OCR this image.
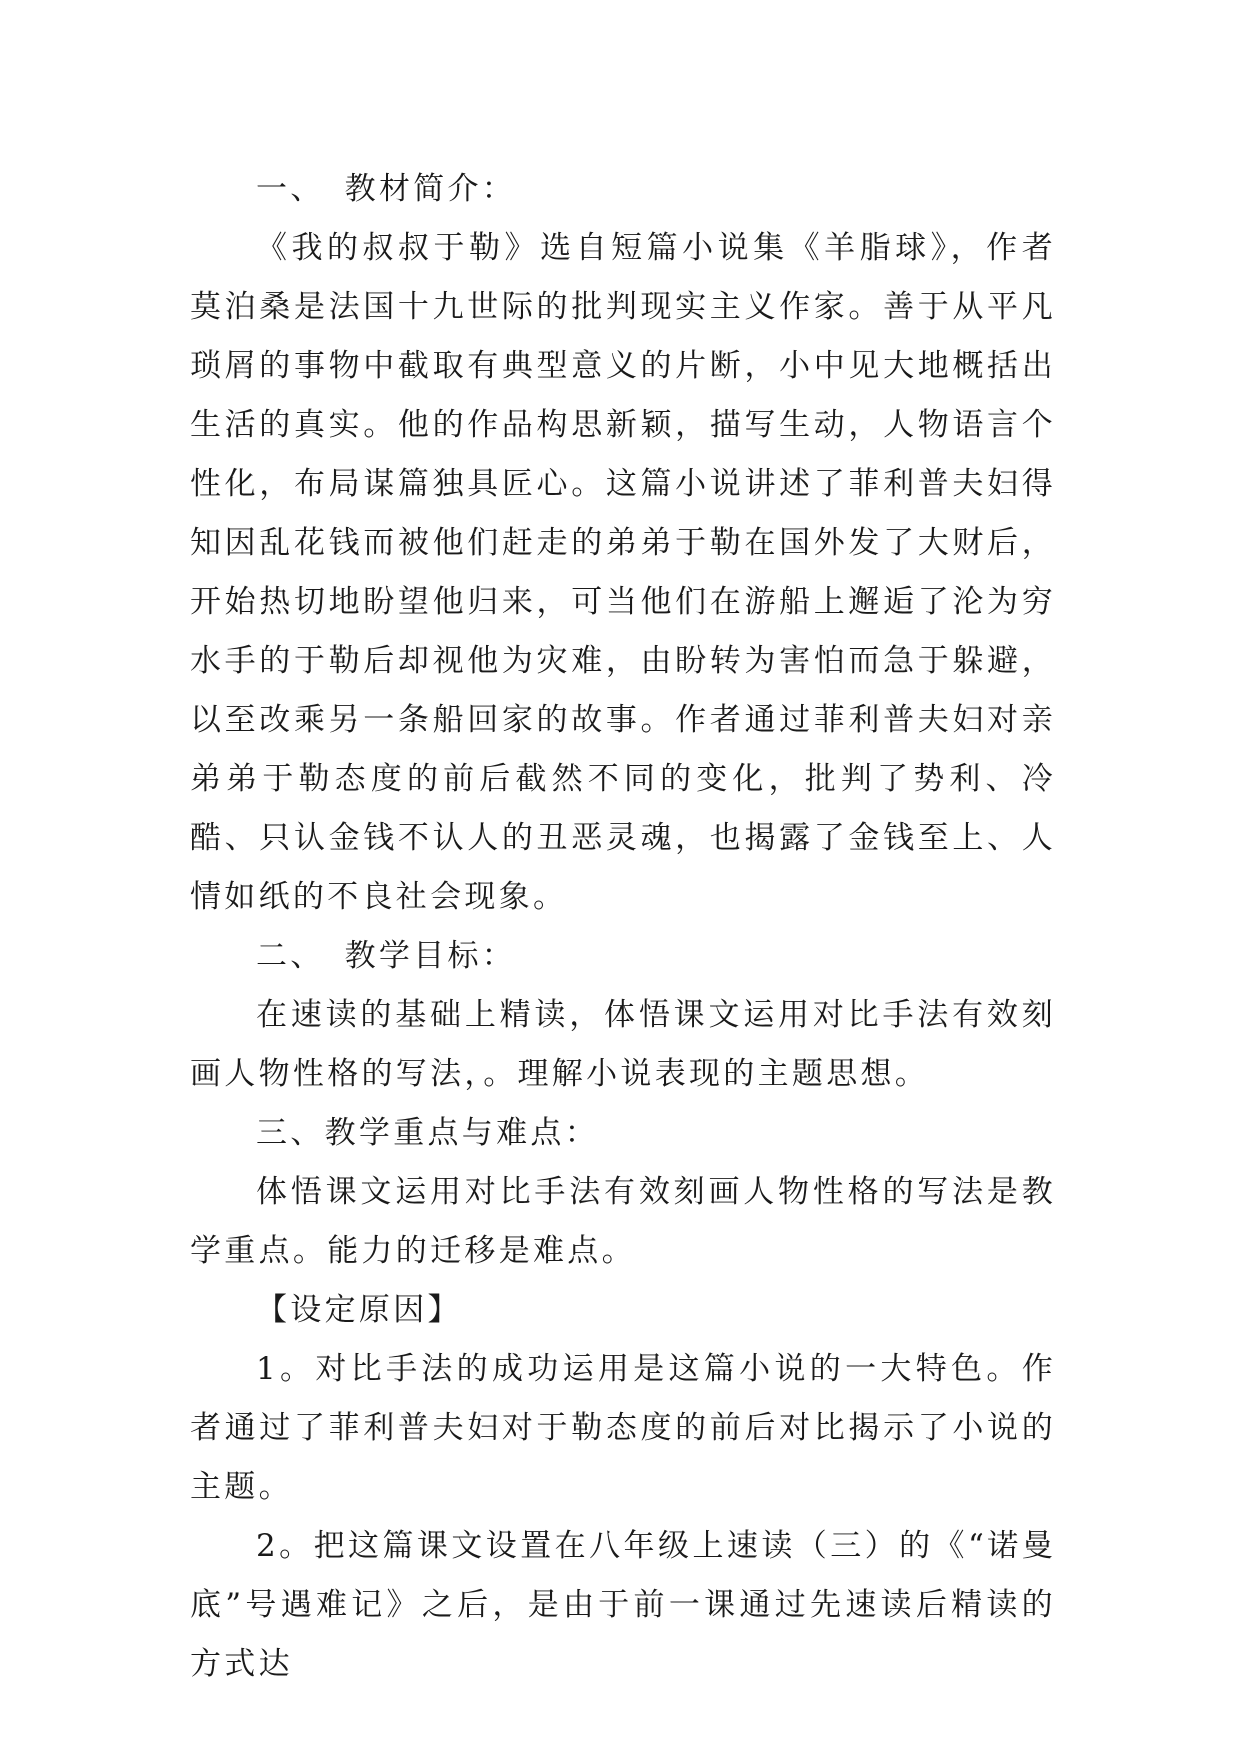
一、 教材简介：

《我的叔叔于勒》选自短篇小说集《羊脂球》，作者莫泊桑是法国十九世际的批判现实主义作家。善于从平凡琐屑的事物中截取有典型意义的片断，小中见大地概括出生活的真实。他的作品构思新颖，描写生动，人物语言个性化，布局谋篇独具匠心。这篇小说讲述了菲利普夫妇得知因乱花钱而被他们赶走的弟弟于勒在国外发了大财后，开始热切地盼望他归来，可当他们在游船上邂逅了沦为穷水手的于勒后却视他为灾难，由盼转为害怕而急于躲避，以至改乘另一条船回家的故事。作者通过菲利普夫妇对亲弟弟于勒态度的前后截然不同的变化，批判了势利、冷酷、只认金钱不认人的丑恶灵魂，也揭露了金钱至上、人情如纸的不良社会现象。

二、 教学目标：

在速读的基础上精读，体悟课文运用对比手法有效刻画人物性格的写法，。理解小说表现的主题思想。

三、教学重点与难点：

体悟课文运用对比手法有效刻画人物性格的写法是教学重点。能力的迁移是难点。

【设定原因】

1。对比手法的成功运用是这篇小说的一大特色。作者通过了菲利普夫妇对于勒态度的前后对比揭示了小说的主题。

2。把这篇课文设置在八年级上速读（三）的《“诺曼底”号遇难记》之后，是由于前一课通过先速读后精读的方式达
